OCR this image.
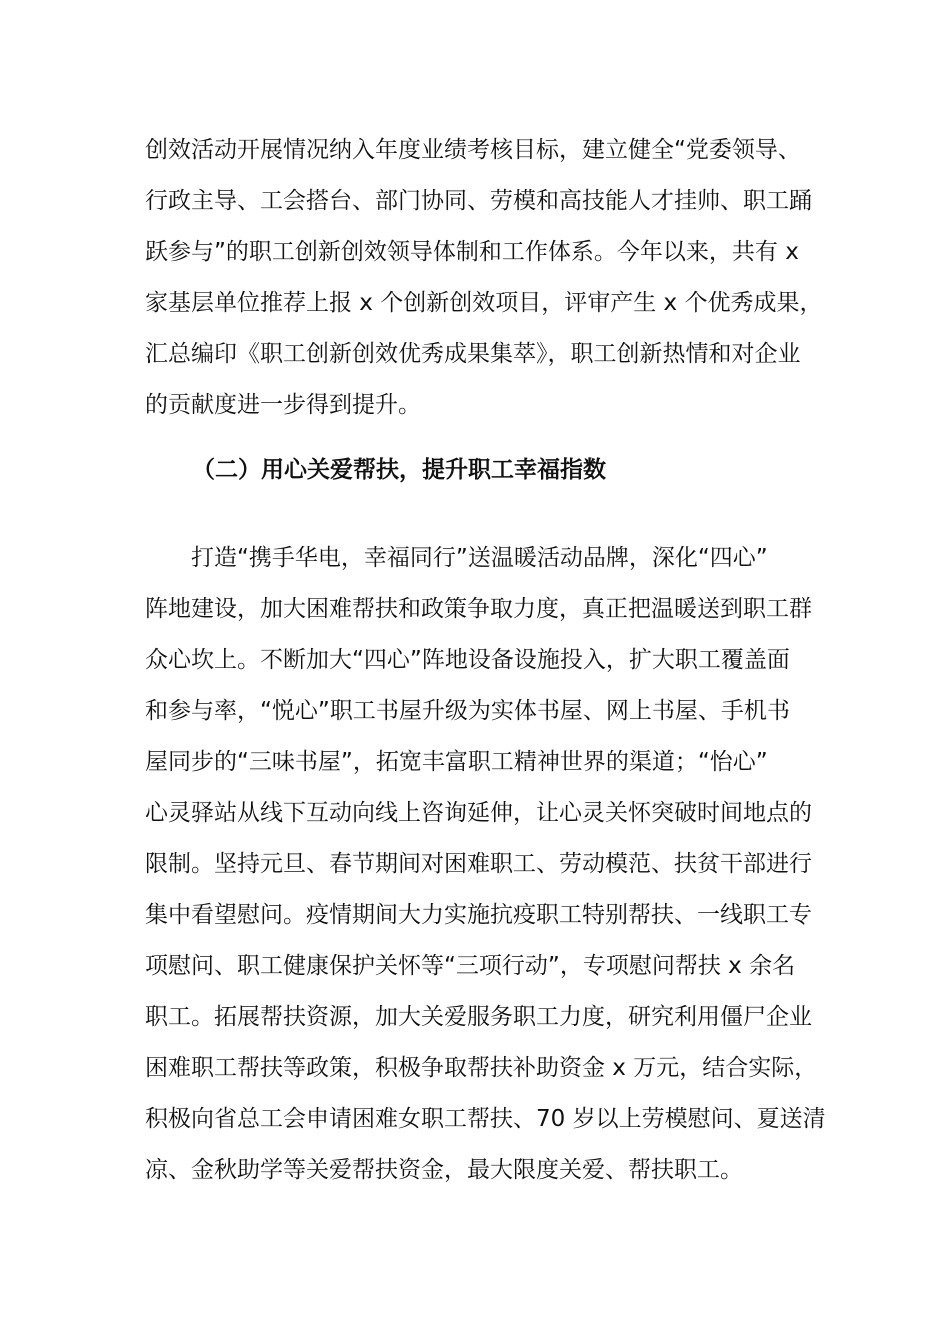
创效活动开展情况纳入年度业绩考核目标，建立健全“党委领导、
行政主导、工会搭台、部门协同、劳模和高技能人才挂帅、职工踊
跃参与”的职工创新创效领导体制和工作体系。今年以来，共有 x
家基层单位推荐上报 x 个创新创效项目，评审产生 x 个优秀成果，
汇总编印《职工创新创效优秀成果集萃》，职工创新热情和对企业
的贡献度进一步得到提升。
（二）用心关爱帮扶，提升职工幸福指数
打造“携手华电，幸福同行”送温暖活动品牌，深化“四心”
阵地建设，加大困难帮扶和政策争取力度，真正把温暖送到职工群
众心坎上。不断加大“四心”阵地设备设施投入，扩大职工覆盖面
和参与率，“悦心”职工书屋升级为实体书屋、网上书屋、手机书
屋同步的“三味书屋”，拓宽丰富职工精神世界的渠道；“怡心”
心灵驿站从线下互动向线上咨询延伸，让心灵关怀突破时间地点的
限制。坚持元旦、春节期间对困难职工、劳动模范、扶贫干部进行
集中看望慰问。疫情期间大力实施抗疫职工特别帮扶、一线职工专
项慰问、职工健康保护关怀等“三项行动”，专项慰问帮扶 x 余名
职工。拓展帮扶资源，加大关爱服务职工力度，研究利用僵尸企业
困难职工帮扶等政策，积极争取帮扶补助资金 x 万元，结合实际，
积极向省总工会申请困难女职工帮扶、70 岁以上劳模慰问、夏送清
凉、金秋助学等关爱帮扶资金，最大限度关爱、帮扶职工。
